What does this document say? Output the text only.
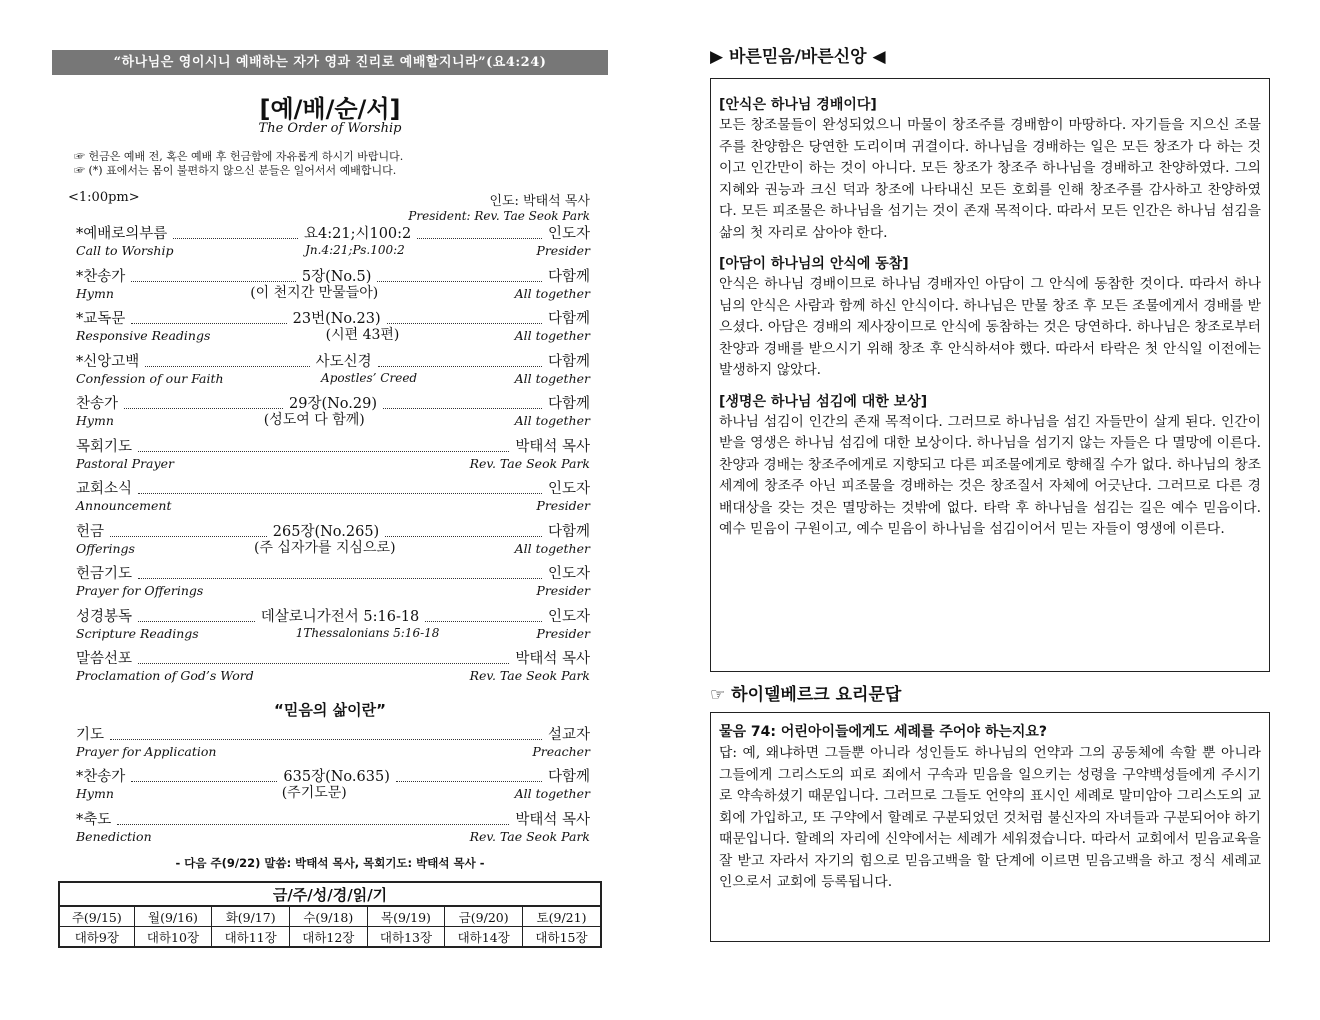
“하나님은 영이시니 예배하는 자가 영과 진리로 예배할지니라”(요4:24)
[예/배/순/서]
The Order of Worship
☞ 헌금은 예배 전, 혹은 예배 후 헌금함에 자유롭게 하시기 바랍니다.
☞ (*) 표에서는 몸이 불편하지 않으신 분들은 일어서서 예배합니다.
<1:00pm>	인도: 박태석 목사
President: Rev. Tae Seok Park
*예배로의부름	요4:21;시100:2	인도자
Call to Worship	Jn.4:21;Ps.100:2	Presider
*찬송가	5장(No.5)	다함께
Hymn	(이 천지간 만물들아)	All together
*교독문	23번(No.23)	다함께
Responsive Readings	(시편 43편)	All together
*신앙고백	사도신경	다함께
Confession of our Faith	Apostles’ Creed	All together
찬송가	29장(No.29)	다함께
Hymn	(성도여 다 함께)	All together
목회기도	박태석 목사
Pastoral Prayer	Rev. Tae Seok Park
교회소식	인도자
Announcement	Presider
헌금	265장(No.265)	다함께
Offerings	(주 십자가를 지심으로)	All together
헌금기도	인도자
Prayer for Offerings	Presider
성경봉독	데살로니가전서 5:16-18	인도자
Scripture Readings	1Thessalonians 5:16-18	Presider
말씀선포	박태석 목사
Proclamation of God’s Word	Rev. Tae Seok Park
“믿음의 삶이란”
기도	설교자
Prayer for Application	Preacher
*찬송가	635장(No.635)	다함께
Hymn	(주기도문)	All together
*축도	박태석 목사
Benediction	Rev. Tae Seok Park
- 다음 주(9/22) 말씀: 박태석 목사, 목회기도: 박태석 목사 -
금/주/성/경/읽/기						
주(9/15)	월(9/16)	화(9/17)	수(9/18)	목(9/19)	금(9/20)	토(9/21)
대하9장	대하10장	대하11장	대하12장	대하13장	대하14장	대하15장
▶ 바른믿음/바른신앙 ◀
[안식은 하나님 경배이다]

모든 창조물들이 완성되었으니 마물이 창조주를 경배함이 마땅하다. 자기들을 지으신 조물주를 찬양함은 당연한 도리이며 귀결이다. 하나님을 경배하는 일은 모든 창조가 다 하는 것이고 인간만이 하는 것이 아니다. 모든 창조가 창조주 하나님을 경배하고 찬양하였다. 그의 지혜와 권능과 크신 덕과 창조에 나타내신 모든 호회를 인해 창조주를 감사하고 찬양하였다. 모든 피조물은 하나님을 섬기는 것이 존재 목적이다. 따라서 모든 인간은 하나님 섬김을 삶의 첫 자리로 삼아야 한다.

[아담이 하나님의 안식에 동참]

안식은 하나님 경배이므로 하나님 경배자인 아담이 그 안식에 동참한 것이다. 따라서 하나님의 안식은 사람과 함께 하신 안식이다. 하나님은 만물 창조 후 모든 조물에게서 경배를 받으셨다. 아담은 경배의 제사장이므로 안식에 동참하는 것은 당연하다. 하나님은 창조로부터 찬양과 경배를 받으시기 위해 창조 후 안식하셔야 했다. 따라서 타락은 첫 안식일 이전에는 발생하지 않았다.

[생명은 하나님 섬김에 대한 보상]

하나님 섬김이 인간의 존재 목적이다. 그러므로 하나님을 섬긴 자들만이 살게 된다. 인간이 받을 영생은 하나님 섬김에 대한 보상이다. 하나님을 섬기지 않는 자들은 다 멸망에 이른다. 찬양과 경배는 창조주에게로 지향되고 다른 피조물에게로 향해질 수가 없다. 하나님의 창조세계에 창조주 아닌 피조물을 경배하는 것은 창조질서 자체에 어긋난다. 그러므로 다른 경배대상을 갖는 것은 멸망하는 것밖에 없다. 타락 후 하나님을 섬김는 길은 예수 믿음이다. 예수 믿음이 구원이고, 예수 믿음이 하나님을 섬김이어서 믿는 자들이 영생에 이른다.

☞ 하이델베르크 요리문답
물음 74: 어린아이들에게도 세례를 주어야 하는지요?

답: 예, 왜냐하면 그들뿐 아니라 성인들도 하나님의 언약과 그의 공동체에 속할 뿐 아니라 그들에게 그리스도의 피로 죄에서 구속과 믿음을 일으키는 성령을 구약백성들에게 주시기로 약속하셨기 때문입니다. 그러므로 그들도 언약의 표시인 세례로 말미암아 그리스도의 교회에 가입하고, 또 구약에서 할례로 구분되었던 것처럼 불신자의 자녀들과 구분되어야 하기 때문입니다. 할례의 자리에 신약에서는 세례가 세워졌습니다. 따라서 교회에서 믿음교육을 잘 받고 자라서 자기의 힘으로 믿음고백을 할 단계에 이르면 믿음고백을 하고 정식 세례교인으로서 교회에 등록됩니다.
